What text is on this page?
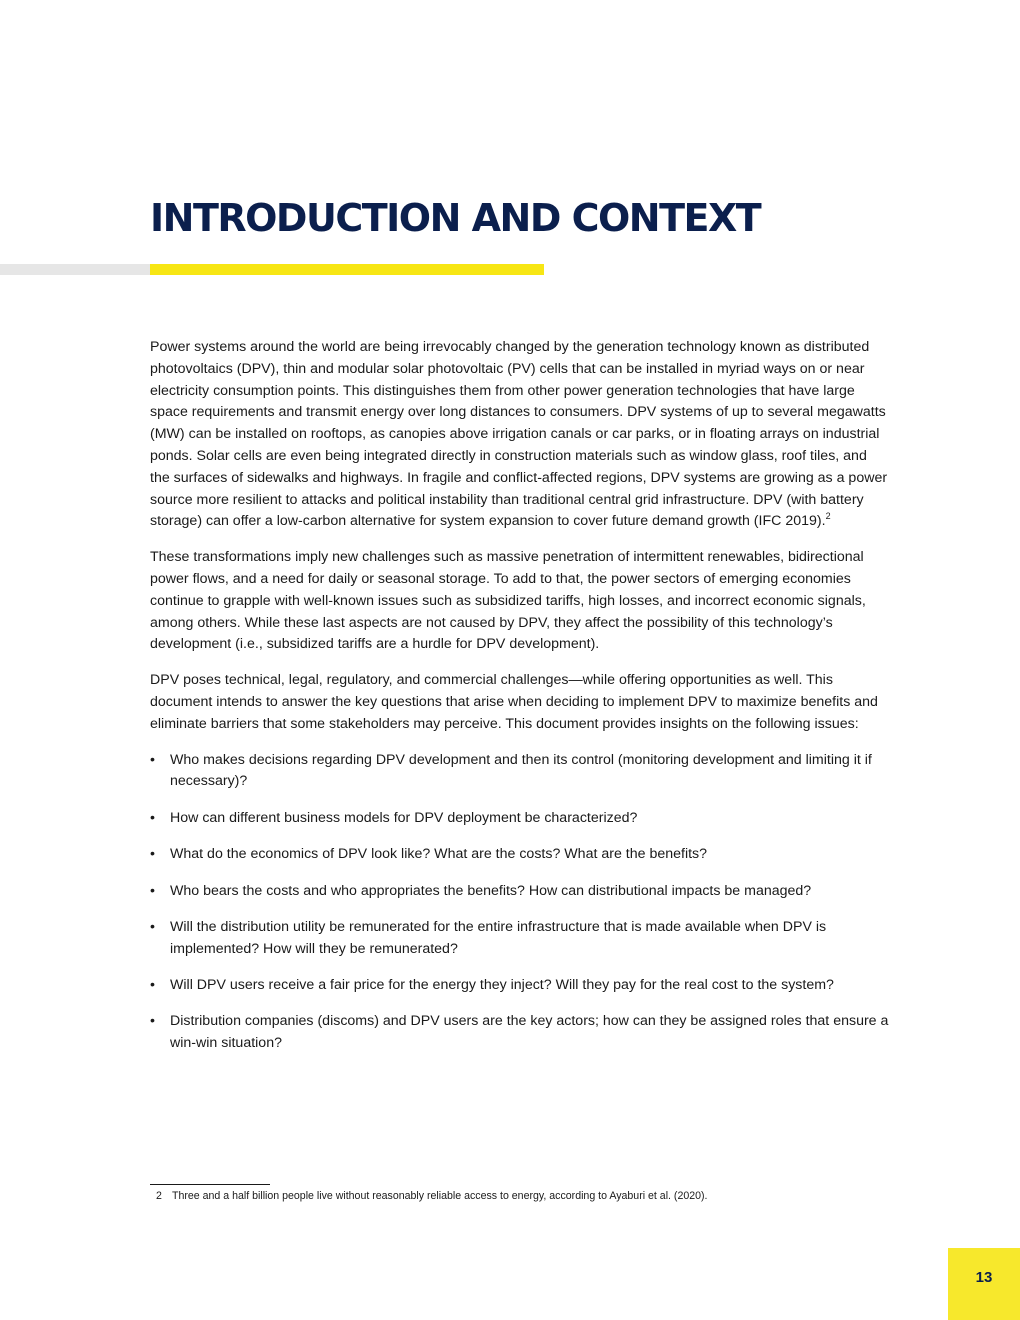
INTRODUCTION AND CONTEXT

Power systems around the world are being irrevocably changed by the generation technology known as distributed photovoltaics (DPV), thin and modular solar photovoltaic (PV) cells that can be installed in myriad ways on or near electricity consumption points. This distinguishes them from other power generation technologies that have large space requirements and transmit energy over long distances to consumers. DPV systems of up to several megawatts (MW) can be installed on rooftops, as canopies above irrigation canals or car parks, or in floating arrays on industrial ponds. Solar cells are even being integrated directly in construction materials such as window glass, roof tiles, and the surfaces of sidewalks and highways. In fragile and conflict-affected regions, DPV systems are growing as a power source more resilient to attacks and political instability than traditional central grid infrastructure. DPV (with battery storage) can offer a low-carbon alternative for system expansion to cover future demand growth (IFC 2019).$^2$

These transformations imply new challenges such as massive penetration of intermittent renewables, bidirectional power flows, and a need for daily or seasonal storage. To add to that, the power sectors of emerging economies continue to grapple with well-known issues such as subsidized tariffs, high losses, and incorrect economic signals, among others. While these last aspects are not caused by DPV, they affect the possibility of this technology’s development (i.e., subsidized tariffs are a hurdle for DPV development).

DPV poses technical, legal, regulatory, and commercial challenges—while offering opportunities as well. This document intends to answer the key questions that arise when deciding to implement DPV to maximize benefits and eliminate barriers that some stakeholders may perceive. This document provides insights on the following issues:

• Who makes decisions regarding DPV development and then its control (monitoring development and limiting it if necessary)?
• How can different business models for DPV deployment be characterized?
• What do the economics of DPV look like? What are the costs? What are the benefits?
• Who bears the costs and who appropriates the benefits? How can distributional impacts be managed?
• Will the distribution utility be remunerated for the entire infrastructure that is made available when DPV is implemented? How will they be remunerated?
• Will DPV users receive a fair price for the energy they inject? Will they pay for the real cost to the system?
• Distribution companies (discoms) and DPV users are the key actors; how can they be assigned roles that ensure a win-win situation?
2 Three and a half billion people live without reasonably reliable access to energy, according to Ayaburi et al. (2020).
13
